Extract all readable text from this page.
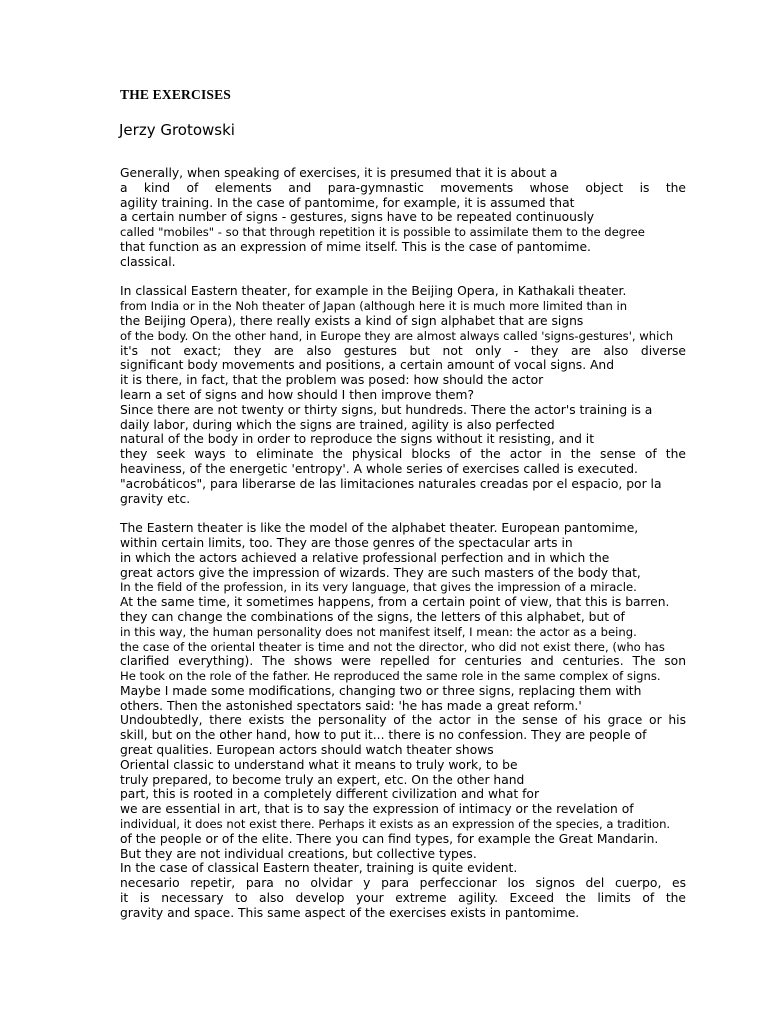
THE EXERCISES
Jerzy Grotowski
Generally, when speaking of exercises, it is presumed that it is about a
a kind of elements and para-gymnastic movements whose object is the
agility training. In the case of pantomime, for example, it is assumed that
a certain number of signs - gestures, signs have to be repeated continuously
called "mobiles" - so that through repetition it is possible to assimilate them to the degree
that function as an expression of mime itself. This is the case of pantomime.
classical.
In classical Eastern theater, for example in the Beijing Opera, in Kathakali theater.
from India or in the Noh theater of Japan (although here it is much more limited than in
the Beijing Opera), there really exists a kind of sign alphabet that are signs
of the body. On the other hand, in Europe they are almost always called 'signs-gestures', which
it's not exact; they are also gestures but not only - they are also diverse
significant body movements and positions, a certain amount of vocal signs. And
it is there, in fact, that the problem was posed: how should the actor
learn a set of signs and how should I then improve them?
Since there are not twenty or thirty signs, but hundreds. There the actor's training is a
daily labor, during which the signs are trained, agility is also perfected
natural of the body in order to reproduce the signs without it resisting, and it
they seek ways to eliminate the physical blocks of the actor in the sense of the
heaviness, of the energetic 'entropy'. A whole series of exercises called is executed.
"acrobáticos", para liberarse de las limitaciones naturales creadas por el espacio, por la
gravity etc.
The Eastern theater is like the model of the alphabet theater. European pantomime,
within certain limits, too. They are those genres of the spectacular arts in
in which the actors achieved a relative professional perfection and in which the
great actors give the impression of wizards. They are such masters of the body that,
In the field of the profession, in its very language, that gives the impression of a miracle.
At the same time, it sometimes happens, from a certain point of view, that this is barren.
they can change the combinations of the signs, the letters of this alphabet, but of
in this way, the human personality does not manifest itself, I mean: the actor as a being.
the case of the oriental theater is time and not the director, who did not exist there, (who has
clarified everything). The shows were repelled for centuries and centuries. The son
He took on the role of the father. He reproduced the same role in the same complex of signs.
Maybe I made some modifications, changing two or three signs, replacing them with
others. Then the astonished spectators said: 'he has made a great reform.'
Undoubtedly, there exists the personality of the actor in the sense of his grace or his
skill, but on the other hand, how to put it... there is no confession. They are people of
great qualities. European actors should watch theater shows
Oriental classic to understand what it means to truly work, to be
truly prepared, to become truly an expert, etc. On the other hand
part, this is rooted in a completely different civilization and what for
we are essential in art, that is to say the expression of intimacy or the revelation of
individual, it does not exist there. Perhaps it exists as an expression of the species, a tradition.
of the people or of the elite. There you can find types, for example the Great Mandarin.
But they are not individual creations, but collective types.
In the case of classical Eastern theater, training is quite evident.
necesario repetir, para no olvidar y para perfeccionar los signos del cuerpo, es
it is necessary to also develop your extreme agility. Exceed the limits of the
gravity and space. This same aspect of the exercises exists in pantomime.
